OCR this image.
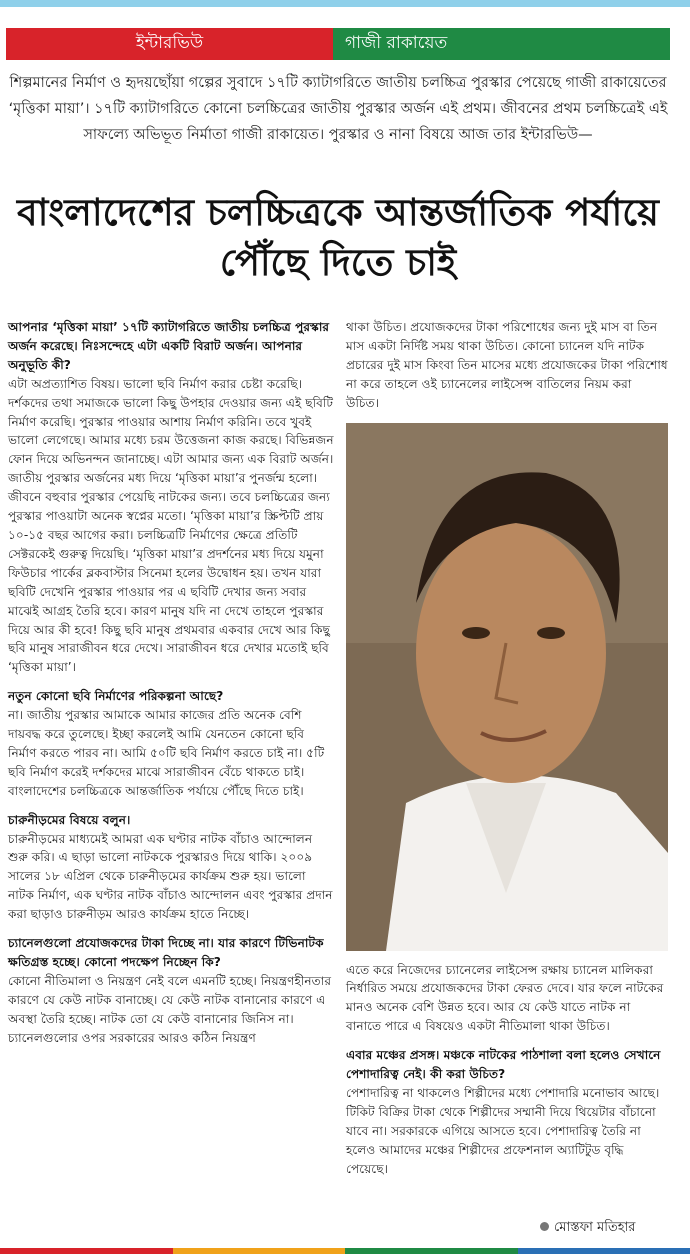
ইন্টারভিউ	গাজী রাকায়েত
শিল্পমানের নির্মাণ ও হৃদয়ছোঁয়া গল্পের সুবাদে ১৭টি ক্যাটাগরিতে জাতীয় চলচ্চিত্র পুরস্কার পেয়েছে গাজী রাকায়েতের ‘মৃত্তিকা মায়া’। ১৭টি ক্যাটাগরিতে কোনো চলচ্চিত্রের জাতীয় পুরস্কার অর্জন এই প্রথম। জীবনের প্রথম চলচ্চিত্রেই এই সাফল্যে অভিভূত নির্মাতা গাজী রাকায়েত। পুরস্কার ও নানা বিষয়ে আজ তার ইন্টারভিউ—
বাংলাদেশের চলচ্চিত্রকে আন্তর্জাতিক পর্যায়ে পৌঁছে দিতে চাই
আপনার ‘মৃত্তিকা মায়া’ ১৭টি ক্যাটাগরিতে জাতীয় চলচ্চিত্র পুরস্কার অর্জন করেছে। নিঃসন্দেহে এটা একটি বিরাট অর্জন। আপনার অনুভূতি কী?
এটা অপ্রত্যাশিত বিষয়। ভালো ছবি নির্মাণ করার চেষ্টা করেছি। দর্শকদের তথা সমাজকে ভালো কিছু উপহার দেওয়ার জন্য এই ছবিটি নির্মাণ করেছি। পুরস্কার পাওয়ার আশায় নির্মাণ করিনি। তবে খুবই ভালো লেগেছে। আমার মধ্যে চরম উত্তেজনা কাজ করছে। বিভিন্নজন ফোন দিয়ে অভিনন্দন জানাচ্ছে। এটা আমার জন্য এক বিরাট অর্জন। জাতীয় পুরস্কার অর্জনের মধ্য দিয়ে ‘মৃত্তিকা মায়া’র পুনর্জন্ম হলো। জীবনে বহুবার পুরস্কার পেয়েছি নাটকের জন্য। তবে চলচ্চিত্রের জন্য পুরস্কার পাওয়াটা অনেক স্বপ্নের মতো। ‘মৃত্তিকা মায়া’র স্ক্রিপ্টটি প্রায় ১০-১৫ বছর আগের করা। চলচ্চিত্রটি নির্মাণের ক্ষেত্রে প্রতিটি সেক্টরকেই গুরুত্ব দিয়েছি। ‘মৃত্তিকা মায়া’র প্রদর্শনের মধ্য দিয়ে যমুনা ফিউচার পার্কের ব্লকবাস্টার সিনেমা হলের উদ্বোধন হয়। তখন যারা ছবিটি দেখেনি পুরস্কার পাওয়ার পর এ ছবিটি দেখার জন্য সবার মাঝেই আগ্রহ তৈরি হবে। কারণ মানুষ যদি না দেখে তাহলে পুরস্কার দিয়ে আর কী হবে! কিছু ছবি মানুষ প্রথমবার একবার দেখে আর কিছু ছবি মানুষ সারাজীবন ধরে দেখে। সারাজীবন ধরে দেখার মতোই ছবি ‘মৃত্তিকা মায়া’।
নতুন কোনো ছবি নির্মাণের পরিকল্পনা আছে?
না। জাতীয় পুরস্কার আমাকে আমার কাজের প্রতি অনেক বেশি দায়বদ্ধ করে তুলেছে। ইচ্ছা করলেই আমি যেনতেন কোনো ছবি নির্মাণ করতে পারব না। আমি ৫০টি ছবি নির্মাণ করতে চাই না। ৫টি ছবি নির্মাণ করেই দর্শকদের মাঝে সারাজীবন বেঁচে থাকতে চাই। বাংলাদেশের চলচ্চিত্রকে আন্তর্জাতিক পর্যায়ে পৌঁছে দিতে চাই।
চারুনীড়মের বিষয়ে বলুন।
চারুনীড়মের মাধ্যমেই আমরা এক ঘণ্টার নাটক বাঁচাও আন্দোলন শুরু করি। এ ছাড়া ভালো নাটককে পুরস্কারও দিয়ে থাকি। ২০০৯ সালের ১৮ এপ্রিল থেকে চারুনীড়মের কার্যক্রম শুরু হয়। ভালো নাটক নির্মাণ, এক ঘণ্টার নাটক বাঁচাও আন্দোলন এবং পুরস্কার প্রদান করা ছাড়াও চারুনীড়ম আরও কার্যক্রম হাতে নিচ্ছে।
চ্যানেলগুলো প্রযোজকদের টাকা দিচ্ছে না। যার কারণে টিভিনাটক ক্ষতিগ্রস্ত হচ্ছে। কোনো পদক্ষেপ নিচ্ছেন কি?
কোনো নীতিমালা ও নিয়ন্ত্রণ নেই বলে এমনটি হচ্ছে। নিয়ন্ত্রণহীনতার কারণে যে কেউ নাটক বানাচ্ছে। যে কেউ নাটক বানানোর কারণে এ অবস্থা তৈরি হচ্ছে। নাটক তো যে কেউ বানানোর জিনিস না। চ্যানেলগুলোর ওপর সরকারের আরও কঠিন নিয়ন্ত্রণ
থাকা উচিত। প্রযোজকদের টাকা পরিশোধের জন্য দুই মাস বা তিন মাস একটা নির্দিষ্ট সময় থাকা উচিত। কোনো চ্যানেল যদি নাটক প্রচারের দুই মাস কিংবা তিন মাসের মধ্যে প্রযোজকের টাকা পরিশোধ না করে তাহলে ওই চ্যানেলের লাইসেন্স বাতিলের নিয়ম করা উচিত।
এতে করে নিজেদের চ্যানেলের লাইসেন্স রক্ষায় চ্যানেল মালিকরা নির্ধারিত সময়ে প্রযোজকদের টাকা ফেরত দেবে। যার ফলে নাটকের মানও অনেক বেশি উন্নত হবে। আর যে কেউ যাতে নাটক না বানাতে পারে এ বিষয়েও একটা নীতিমালা থাকা উচিত।
এবার মঞ্চের প্রসঙ্গ। মঞ্চকে নাটকের পাঠশালা বলা হলেও সেখানে পেশাদারিত্ব নেই। কী করা উচিত?
পেশাদারিত্ব না থাকলেও শিল্পীদের মধ্যে পেশাদারি মনোভাব আছে। টিকিট বিক্রির টাকা থেকে শিল্পীদের সম্মানী দিয়ে থিয়েটার বাঁচানো যাবে না। সরকারকে এগিয়ে আসতে হবে। পেশাদারিত্ব তৈরি না হলেও আমাদের মঞ্চের শিল্পীদের প্রফেশনাল অ্যাটিটুড বৃদ্ধি পেয়েছে।
মোস্তফা মতিহার
